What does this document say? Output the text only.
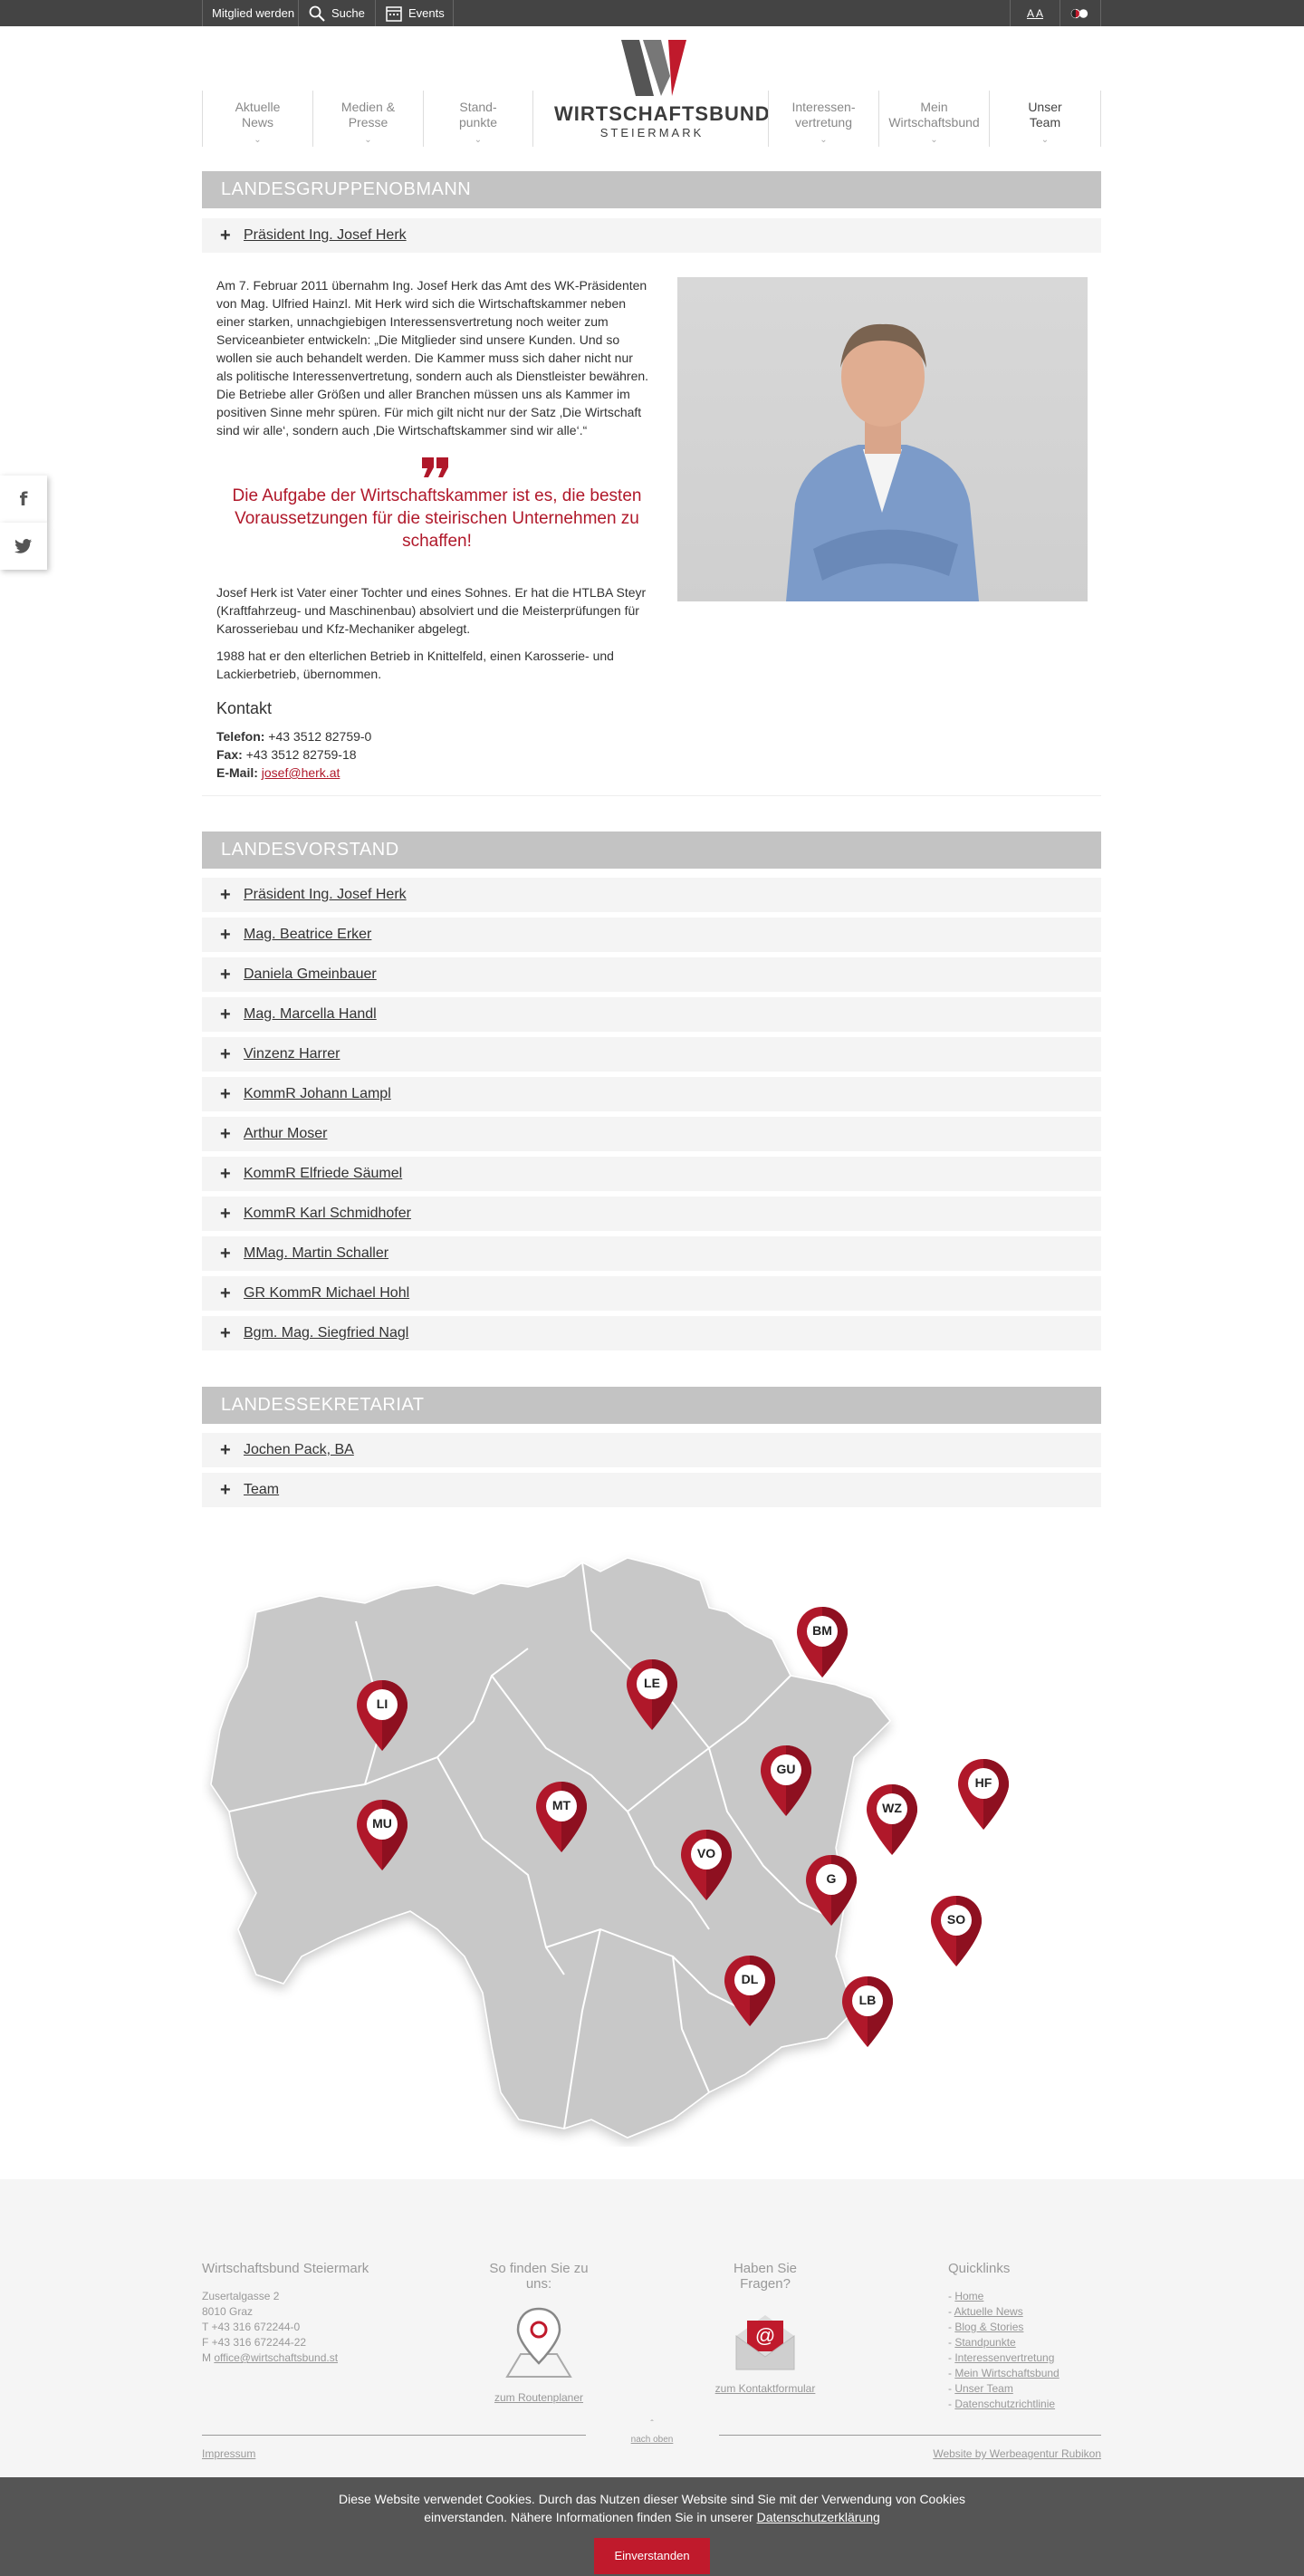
Mitglied werden	Suche	Events	A A
WIRTSCHAFTSBUND
STEIERMARK
Aktuelle
News
⌄
Medien &
Presse
⌄
Stand-
punkte
⌄
Interessen-
vertretung
⌄
Mein
Wirtschaftsbund
⌄
Unser
Team
⌄
f
LANDESGRUPPENOBMANN
+ Präsident Ing. Josef Herk
Am 7. Februar 2011 übernahm Ing. Josef Herk das Amt des WK-Präsidenten von Mag. Ulfried Hainzl. Mit Herk wird sich die Wirtschaftskammer neben einer starken, unnachgiebigen Interessensvertretung noch weiter zum Serviceanbieter entwickeln: „Die Mitglieder sind unsere Kunden. Und so wollen sie auch behandelt werden. Die Kammer muss sich daher nicht nur als politische Interessenvertretung, sondern auch als Dienstleister bewähren. Die Betriebe aller Größen und aller Branchen müssen uns als Kammer im positiven Sinne mehr spüren. Für mich gilt nicht nur der Satz ‚Die Wirtschaft sind wir alle‘, sondern auch ‚Die Wirtschaftskammer sind wir alle‘.“
Die Aufgabe der Wirtschaftskammer ist es, die besten Voraussetzungen für die steirischen Unternehmen zu schaffen!
Josef Herk ist Vater einer Tochter und eines Sohnes. Er hat die HTLBA Steyr (Kraftfahrzeug- und Maschinenbau) absolviert und die Meisterprüfungen für Karosseriebau und Kfz-Mechaniker abgelegt.
1988 hat er den elterlichen Betrieb in Knittelfeld, einen Karosserie- und Lackierbetrieb, übernommen.
Kontakt
Telefon: +43 3512 82759-0
Fax: +43 3512 82759-18
E-Mail: josef@herk.at
LANDESVORSTAND
+ Präsident Ing. Josef Herk
+ Mag. Beatrice Erker
+ Daniela Gmeinbauer
+ Mag. Marcella Handl
+ Vinzenz Harrer
+ KommR Johann Lampl
+ Arthur Moser
+ KommR Elfriede Säumel
+ KommR Karl Schmidhofer
+ MMag. Martin Schaller
+ GR KommR Michael Hohl
+ Bgm. Mag. Siegfried Nagl
LANDESSEKRETARIAT
+ Jochen Pack, BA
+ Team
BM
LE
LI
GU
HF
MU
MT	WZ
VO
G
SO
DL
LB
Wirtschaftsbund Steiermark
Zusertalgasse 2
8010 Graz
T +43 316 672244-0
F +43 316 672244-22
M office@wirtschaftsbund.st
So finden Sie zu uns:
zum Routenplaner
Haben Sie Fragen?
@
zum Kontaktformular
Quicklinks
- Home
- Aktuelle News
- Blog & Stories
- Standpunkte
- Interessenvertretung
- Mein Wirtschaftsbund
- Unser Team
- Datenschutzrichtlinie
ˆ
nach oben
Impressum	Website by Werbeagentur Rubikon
Diese Website verwendet Cookies. Durch das Nutzen dieser Website sind Sie mit der Verwendung von Cookies
einverstanden. Nähere Informationen finden Sie in unserer Datenschutzerklärung
Einverstanden
